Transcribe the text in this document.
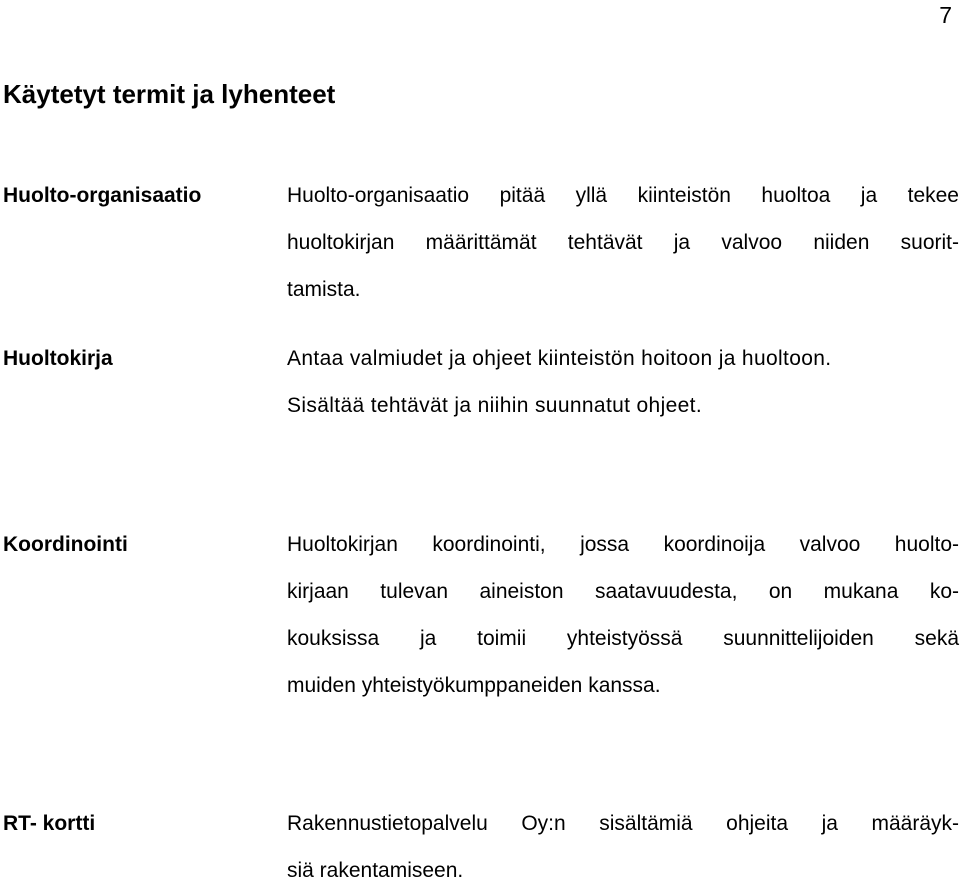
7
Käytetyt termit ja lyhenteet
Huolto-organisaatio	Huolto-organisaatio pitää yllä kiinteistön huoltoa ja tekee
huoltokirjan määrittämät tehtävät ja valvoo niiden suorit-
tamista.
Huoltokirja	Antaa valmiudet ja ohjeet kiinteistön hoitoon ja huoltoon.
Sisältää tehtävät ja niihin suunnatut ohjeet.
Koordinointi	Huoltokirjan koordinointi, jossa koordinoija valvoo huolto-
kirjaan tulevan aineiston saatavuudesta, on mukana ko-
kouksissa ja toimii yhteistyössä suunnittelijoiden sekä
muiden yhteistyökumppaneiden kanssa.
RT- kortti	Rakennustietopalvelu Oy:n sisältämiä ohjeita ja määräyk-
siä rakentamiseen.
